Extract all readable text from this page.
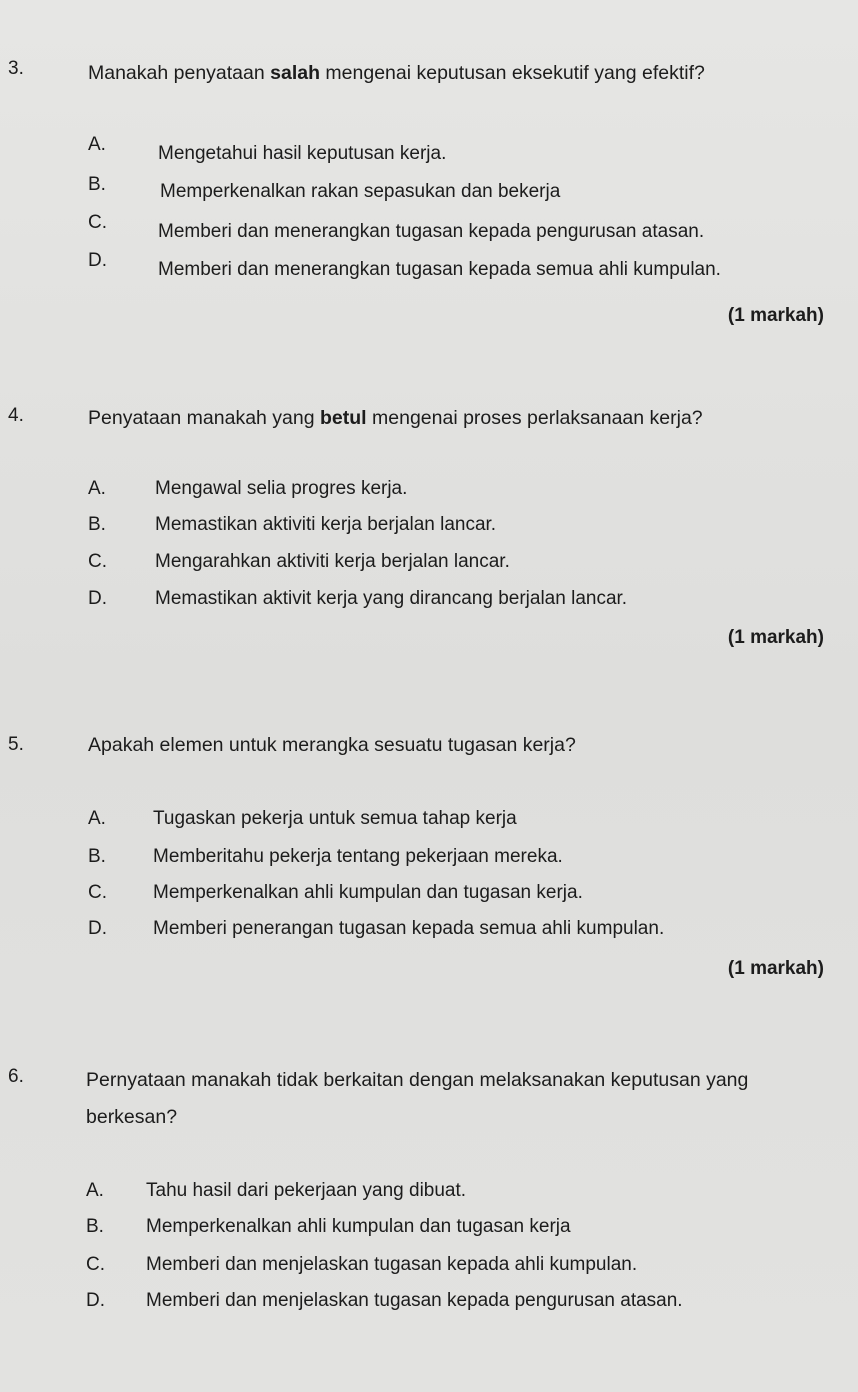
3.	Manakah penyataan salah mengenai keputusan eksekutif yang efektif?
A.	Mengetahui hasil keputusan kerja.
B.	Memperkenalkan rakan sepasukan dan bekerja
C.	Memberi dan menerangkan tugasan kepada pengurusan atasan.
D.	Memberi dan menerangkan tugasan kepada semua ahli kumpulan.
(1 markah)
4.	Penyataan manakah yang betul mengenai proses perlaksanaan kerja?
A.	Mengawal selia progres kerja.
B.	Memastikan aktiviti kerja berjalan lancar.
C.	Mengarahkan aktiviti kerja berjalan lancar.
D.	Memastikan aktivit kerja yang dirancang berjalan lancar.
(1 markah)
5.	Apakah elemen untuk merangka sesuatu tugasan kerja?
A. Tugaskan pekerja untuk semua tahap kerja
B. Memberitahu pekerja tentang pekerjaan mereka.
C. Memperkenalkan ahli kumpulan dan tugasan kerja.
D. Memberi penerangan tugasan kepada semua ahli kumpulan.
(1 markah)
6.	Pernyataan manakah tidak berkaitan dengan melaksanakan keputusan yang
berkesan?
A. Tahu hasil dari pekerjaan yang dibuat.
B. Memperkenalkan ahli kumpulan dan tugasan kerja
C. Memberi dan menjelaskan tugasan kepada ahli kumpulan.
D. Memberi dan menjelaskan tugasan kepada pengurusan atasan.
